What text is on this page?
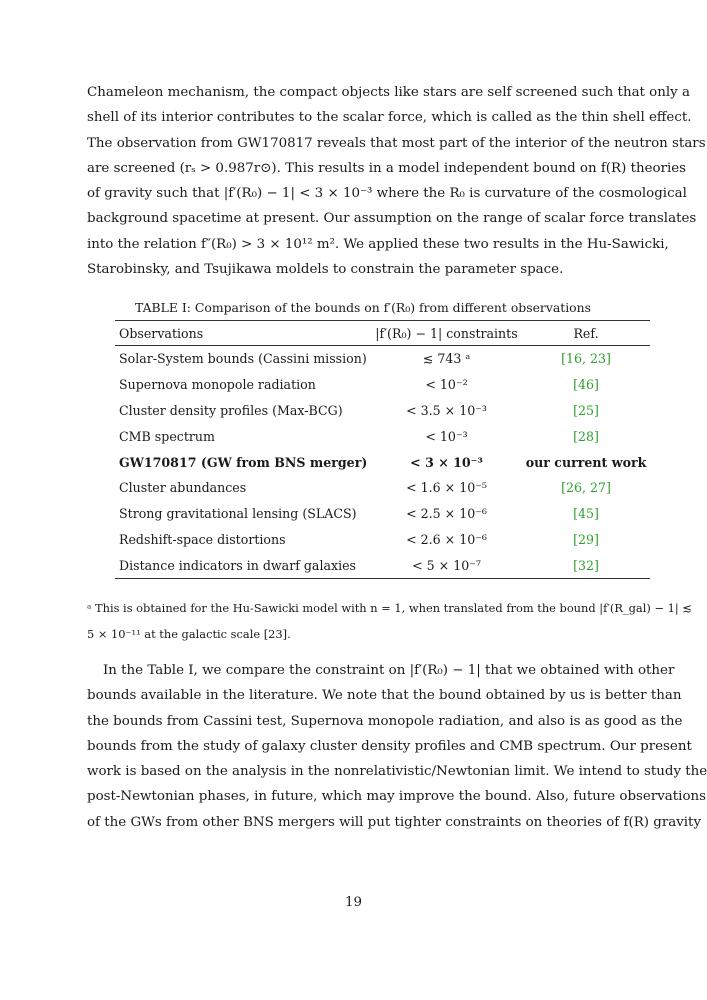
Chameleon mechanism, the compact objects like stars are self screened such that only a
shell of its interior contributes to the scalar force, which is called as the thin shell effect.
The observation from GW170817 reveals that most part of the interior of the neutron stars
are screened (rₛ > 0.987r⊙). This results in a model independent bound on f(R) theories
of gravity such that |f′(R₀) − 1| < 3 × 10⁻³ where the R₀ is curvature of the cosmological
background spacetime at present. Our assumption on the range of scalar force translates
into the relation f″(R₀) > 3 × 10¹² m². We applied these two results in the Hu-Sawicki,
Starobinsky, and Tsujikawa moldels to constrain the parameter space.

TABLE I: Comparison of the bounds on f′(R₀) from different observations
Observations	|f′(R₀) − 1| constraints	Ref.
Solar-System bounds (Cassini mission)	≲ 743 ᵃ	[16, 23]
Supernova monopole radiation	< 10⁻²	[46]
Cluster density profiles (Max-BCG)	< 3.5 × 10⁻³	[25]
CMB spectrum	< 10⁻³	[28]
GW170817 (GW from BNS merger)	< 3 × 10⁻³	our current work
Cluster abundances	< 1.6 × 10⁻⁵	[26, 27]
Strong gravitational lensing (SLACS)	< 2.5 × 10⁻⁶	[45]
Redshift-space distortions	< 2.6 × 10⁻⁶	[29]
Distance indicators in dwarf galaxies	< 5 × 10⁻⁷	[32]
ᵃ This is obtained for the Hu-Sawicki model with n = 1, when translated from the bound |f′(R_gal) − 1| ≲
5 × 10⁻¹¹ at the galactic scale [23].

In the Table I, we compare the constraint on |f′(R₀) − 1| that we obtained with other
bounds available in the literature. We note that the bound obtained by us is better than
the bounds from Cassini test, Supernova monopole radiation, and also is as good as the
bounds from the study of galaxy cluster density profiles and CMB spectrum. Our present
work is based on the analysis in the nonrelativistic/Newtonian limit. We intend to study the
post-Newtonian phases, in future, which may improve the bound. Also, future observations
of the GWs from other BNS mergers will put tighter constraints on theories of f(R) gravity

19
